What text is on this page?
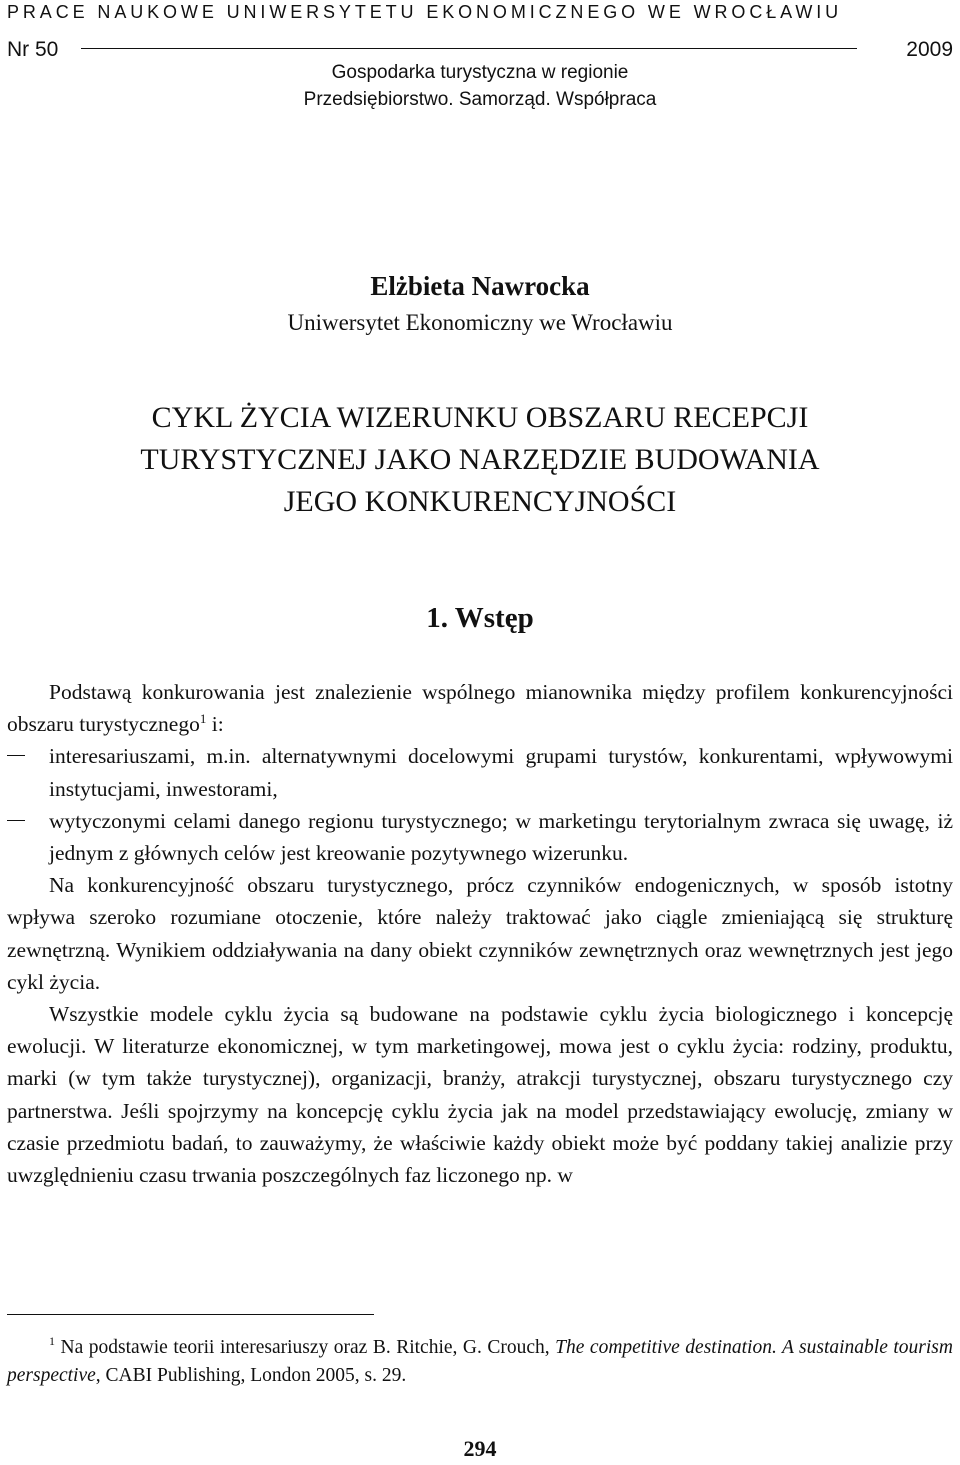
PRACE NAUKOWE UNIWERSYTETU EKONOMICZNEGO WE WROCŁAWIU
Nr 50	2009
Gospodarka turystyczna w regionie
Przedsiębiorstwo. Samorząd. Współpraca
Elżbieta Nawrocka
Uniwersytet Ekonomiczny we Wrocławiu
CYKL ŻYCIA WIZERUNKU OBSZARU RECEPCJI
TURYSTYCZNEJ JAKO NARZĘDZIE BUDOWANIA
JEGO KONKURENCYJNOŚCI
1. Wstęp

Podstawą konkurowania jest znalezienie wspólnego mianownika między profilem konkurencyjności obszaru turystycznego$^1$ i:

interesariuszami, m.in. alternatywnymi docelowymi grupami turystów, konkurentami, wpływowymi instytucjami, inwestorami,
wytyczonymi celami danego regionu turystycznego; w marketingu terytorialnym zwraca się uwagę, iż jednym z głównych celów jest kreowanie pozytywnego wizerunku.

Na konkurencyjność obszaru turystycznego, prócz czynników endogenicznych, w sposób istotny wpływa szeroko rozumiane otoczenie, które należy traktować jako ciągle zmieniającą się strukturę zewnętrzną. Wynikiem oddziaływania na dany obiekt czynników zewnętrznych oraz wewnętrznych jest jego cykl życia.

Wszystkie modele cyklu życia są budowane na podstawie cyklu życia biologicznego i koncepcję ewolucji. W literaturze ekonomicznej, w tym marketingowej, mowa jest o cyklu życia: rodziny, produktu, marki (w tym także turystycznej), organizacji, branży, atrakcji turystycznej, obszaru turystycznego czy partnerstwa. Jeśli spojrzymy na koncepcję cyklu życia jak na model przedstawiający ewolucję, zmiany w czasie przedmiotu badań, to zauważymy, że właściwie każdy obiekt może być poddany takiej analizie przy uwzględnieniu czasu trwania poszczególnych faz liczonego np. w

$^1$ Na podstawie teorii interesariuszy oraz B. Ritchie, G. Crouch, The competitive destination. A sustainable tourism perspective, CABI Publishing, London 2005, s. 29.

294
